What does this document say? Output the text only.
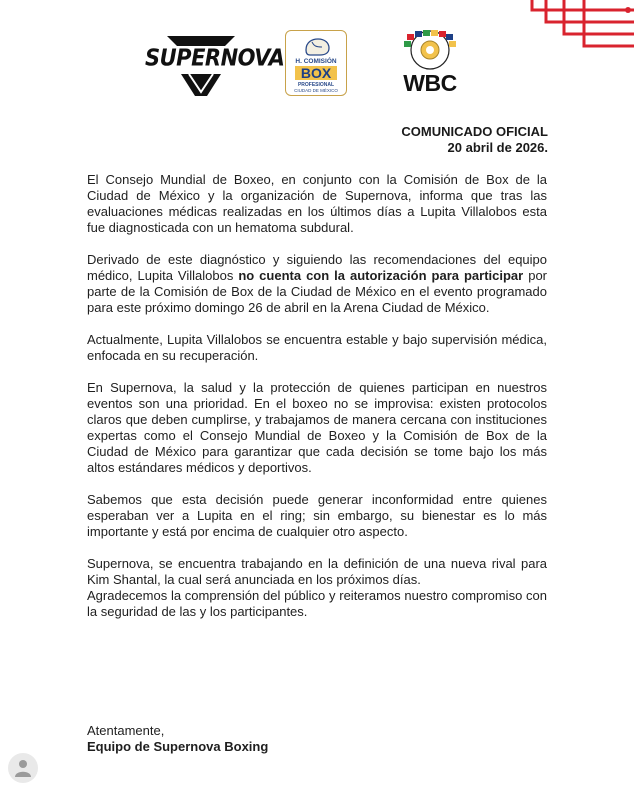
SUPERNOVA	H. COMISIÓN
BOX
PROFESIONAL
CIUDAD DE MÉXICO	WBC
COMUNICADO OFICIAL
20 abril de 2026.

El Consejo Mundial de Boxeo, en conjunto con la Comisión de Box de la Ciudad de México y la organización de Supernova, informa que tras las evaluaciones médicas realizadas en los últimos días a Lupita Villalobos esta fue diagnosticada con un hematoma subdural.

Derivado de este diagnóstico y siguiendo las recomendaciones del equipo médico, Lupita Villalobos no cuenta con la autorización para participar por parte de la Comisión de Box de la Ciudad de México en el evento programado para este próximo domingo 26 de abril en la Arena Ciudad de México.

Actualmente, Lupita Villalobos se encuentra estable y bajo supervisión médica, enfocada en su recuperación.

En Supernova, la salud y la protección de quienes participan en nuestros eventos son una prioridad. En el boxeo no se improvisa: existen protocolos claros que deben cumplirse, y trabajamos de manera cercana con instituciones expertas como el Consejo Mundial de Boxeo y la Comisión de Box de la Ciudad de México para garantizar que cada decisión se tome bajo los más altos estándares médicos y deportivos.

Sabemos que esta decisión puede generar inconformidad entre quienes esperaban ver a Lupita en el ring; sin embargo, su bienestar es lo más importante y está por encima de cualquier otro aspecto.

Supernova, se encuentra trabajando en la definición de una nueva rival para Kim Shantal, la cual será anunciada en los próximos días.

Agradecemos la comprensión del público y reiteramos nuestro compromiso con la seguridad de las y los participantes.

Atentamente,
Equipo de Supernova Boxing
